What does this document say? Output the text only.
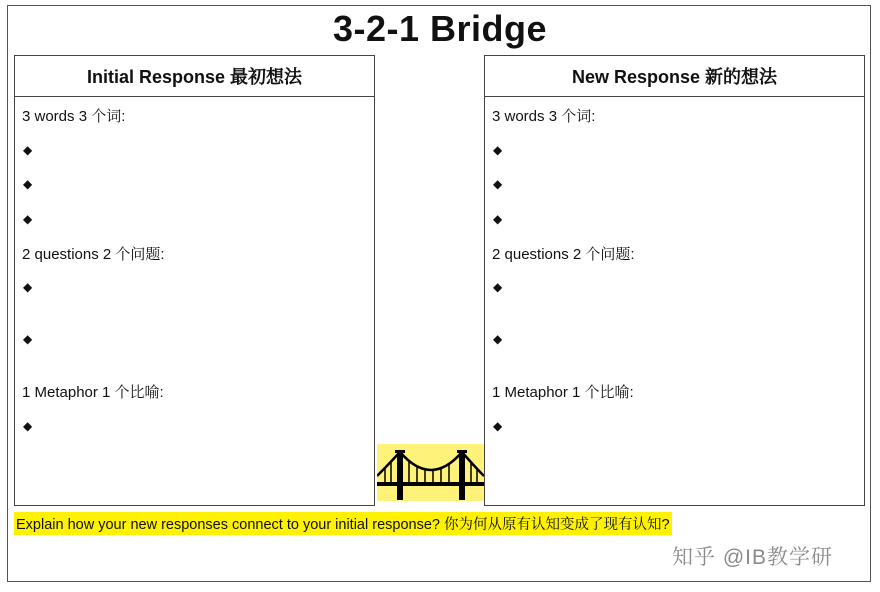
3-2-1 Bridge
Initial Response 最初想法
3 words 3 个词:
◆
◆
◆
2 questions 2 个问题:
◆
◆
1 Metaphor 1 个比喻:
◆
New Response 新的想法
3 words 3 个词:
◆
◆
◆
2 questions 2 个问题:
◆
◆
1 Metaphor 1 个比喻:
◆
Explain how your new responses connect to your initial response? 你为何从原有认知变成了现有认知?
知乎 @IB教学研
